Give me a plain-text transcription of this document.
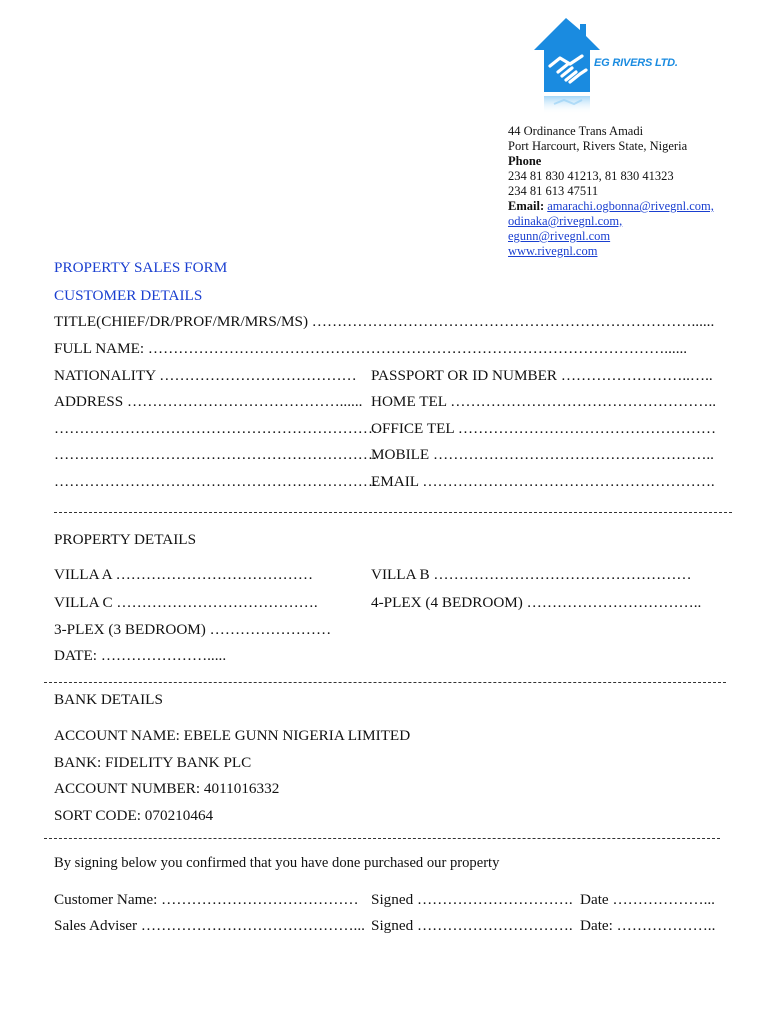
EG RIVERS LTD.
44 Ordinance Trans Amadi
Port Harcourt, Rivers State, Nigeria
Phone
234 81 830 41213, 81 830 41323
234 81 613 47511
Email: amarachi.ogbonna@rivegnl.com,
odinaka@rivegnl.com,
egunn@rivegnl.com
www.rivegnl.com
PROPERTY SALES FORM
CUSTOMER DETAILS
TITLE(CHIEF/DR/PROF/MR/MRS/MS) …………………………………………………………………......
FULL NAME: …………………………………………………………………………………………......
NATIONALITY ………………………………… PASSPORT OR ID NUMBER ……………………..…..
ADDRESS ……………………………………...... HOME TEL ……………………………………………..
……………………………………………………….
OFFICE TEL ……………………………………………
……………………………………………………….
MOBILE ………………………………………………..
……………………………………………………….
EMAIL ………………………………………………….
PROPERTY DETAILS
VILLA A …………………………………	VILLA B ……………………………………………
VILLA C ………………………………….	4-PLEX (4 BEDROOM) ……………………………..
3-PLEX (3 BEDROOM) ……………………
DATE: ………………….....
BANK DETAILS
ACCOUNT NAME: EBELE GUNN NIGERIA LIMITED
BANK: FIDELITY BANK PLC
ACCOUNT NUMBER: 4011016332
SORT CODE: 070210464
By signing below you confirmed that you have done purchased our property
Customer Name: ………………………………… Signed …………………………. Date ………………...
Sales Adviser ……………………………………... Signed …………………………. Date: ………………..
